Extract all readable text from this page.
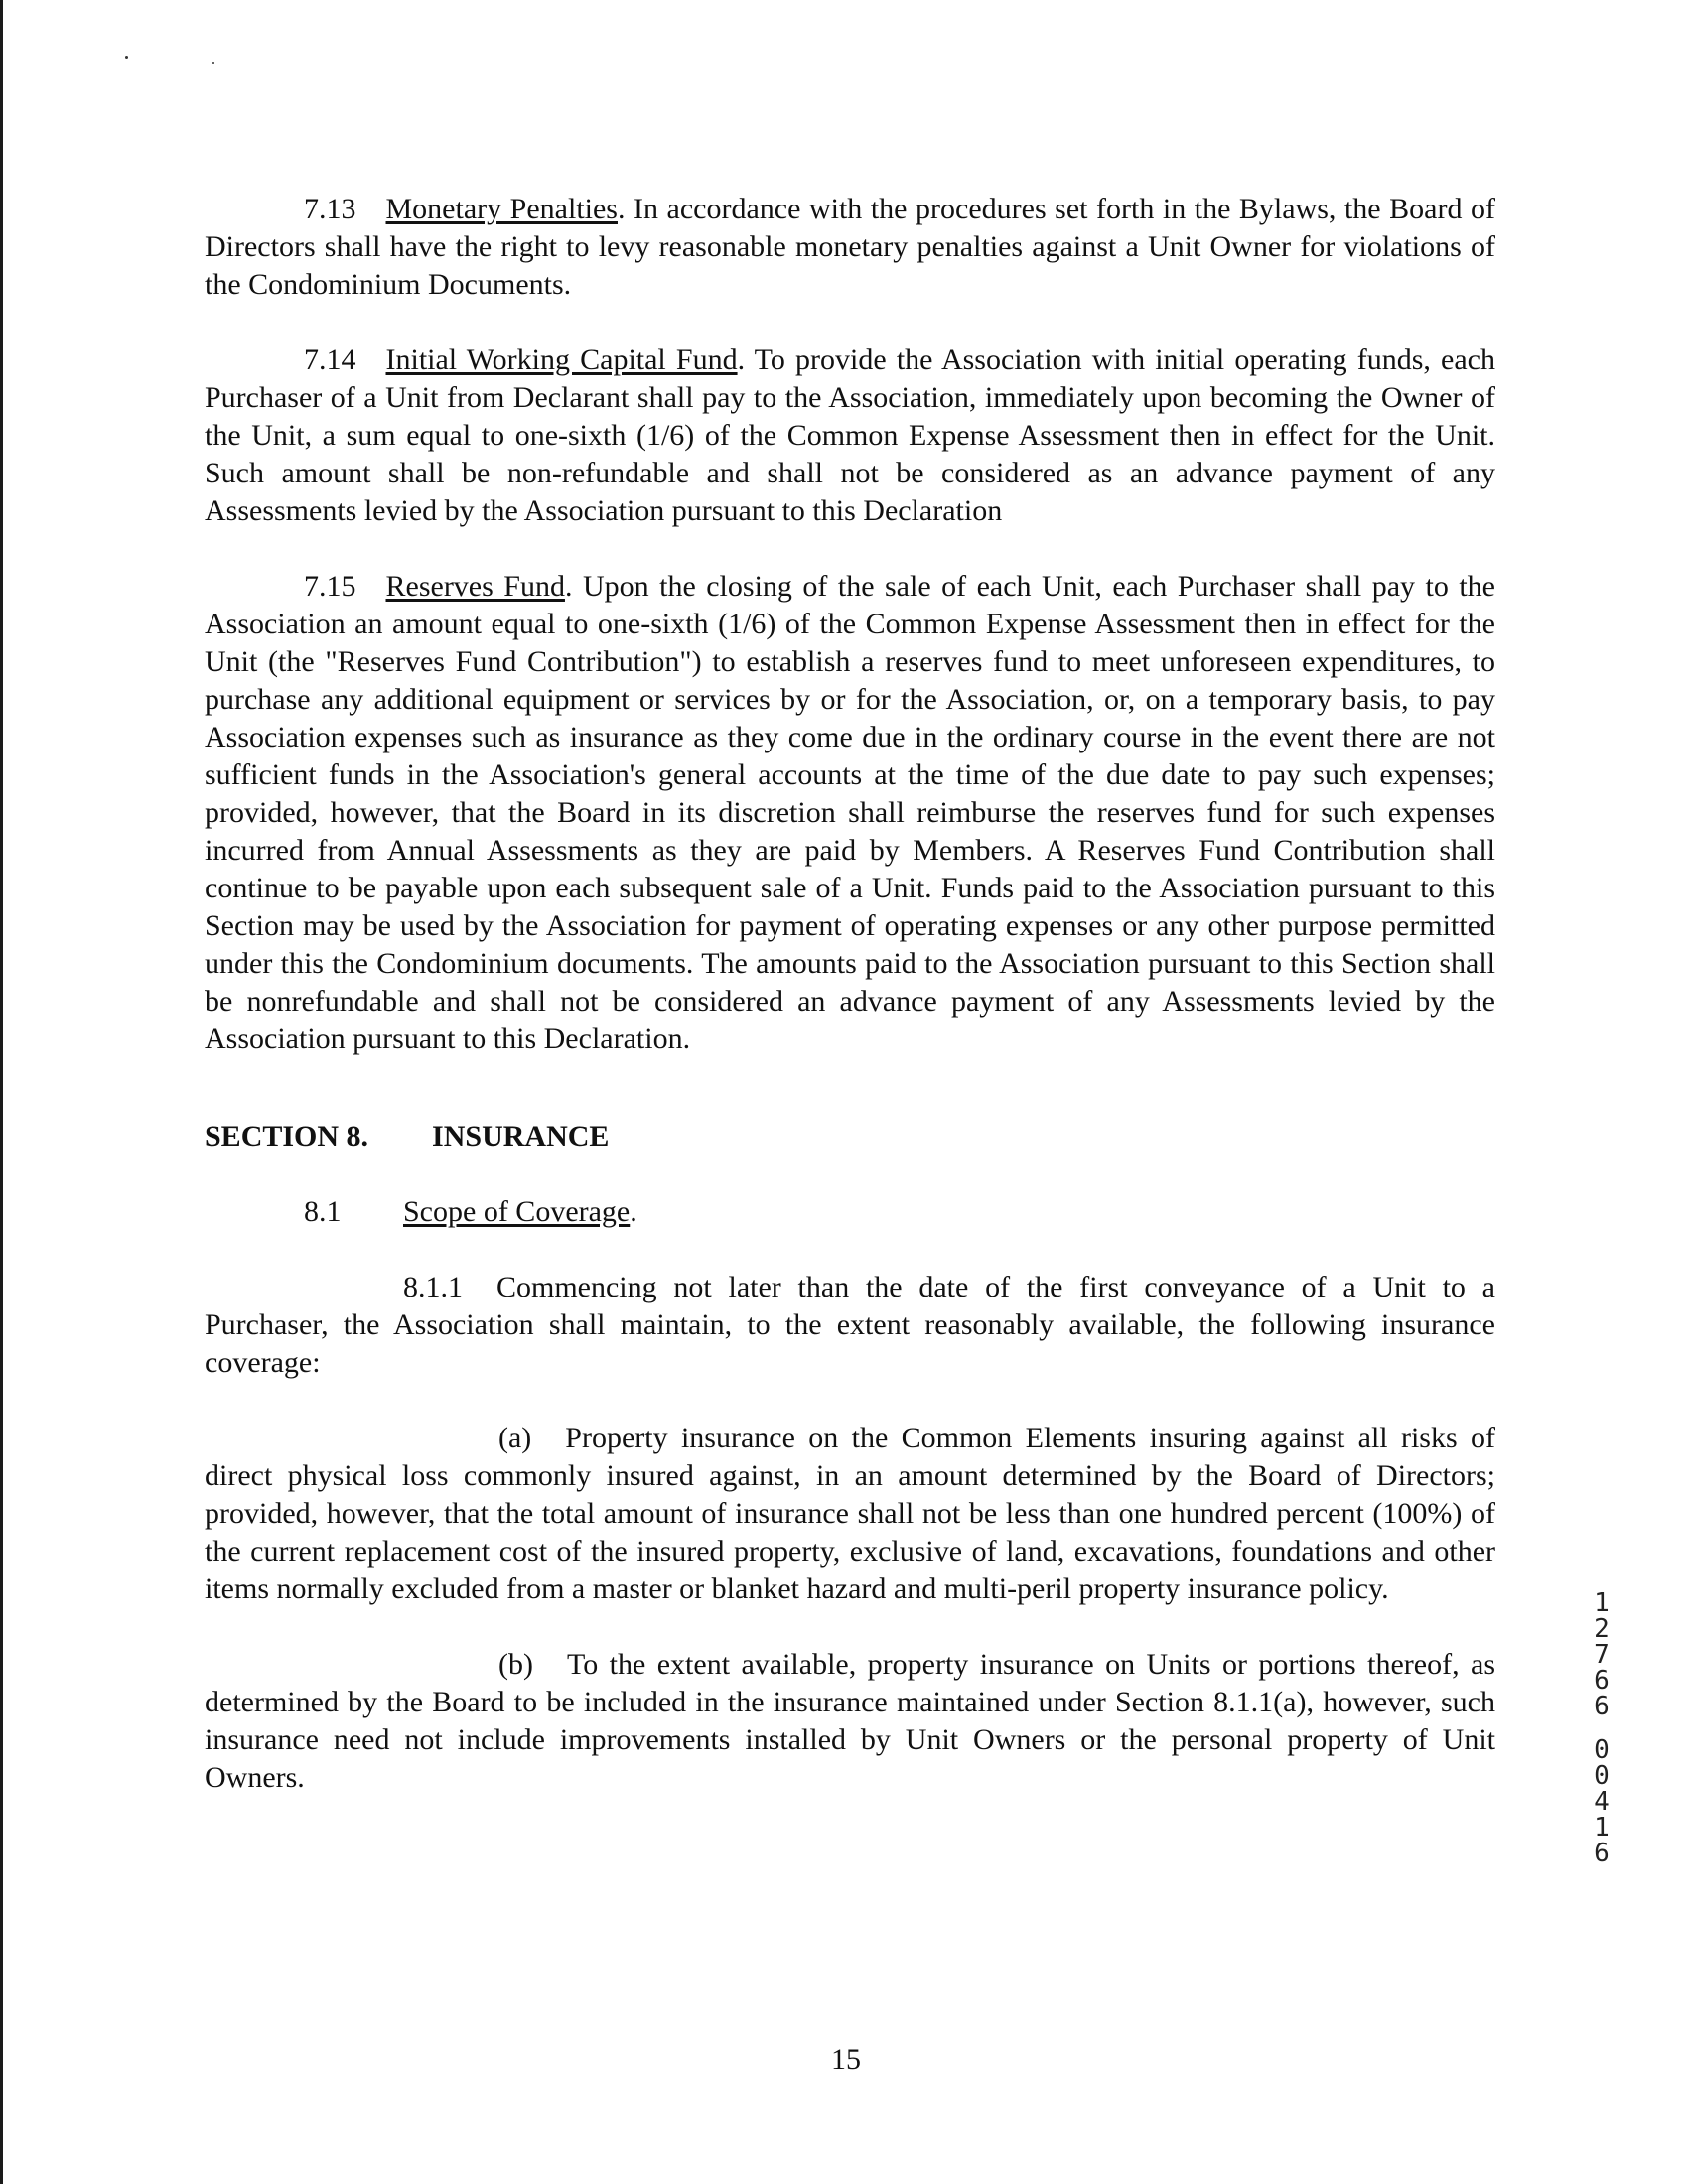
7.13 Monetary Penalties. In accordance with the procedures set forth in the Bylaws, the Board of Directors shall have the right to levy reasonable monetary penalties against a Unit Owner for violations of the Condominium Documents.

7.14 Initial Working Capital Fund. To provide the Association with initial operating funds, each Purchaser of a Unit from Declarant shall pay to the Association, immediately upon becoming the Owner of the Unit, a sum equal to one-sixth (1/6) of the Common Expense Assessment then in effect for the Unit. Such amount shall be non-refundable and shall not be considered as an advance payment of any Assessments levied by the Association pursuant to this Declaration

7.15 Reserves Fund. Upon the closing of the sale of each Unit, each Purchaser shall pay to the Association an amount equal to one-sixth (1/6) of the Common Expense Assessment then in effect for the Unit (the "Reserves Fund Contribution") to establish a reserves fund to meet unforeseen expenditures, to purchase any additional equipment or services by or for the Association, or, on a temporary basis, to pay Association expenses such as insurance as they come due in the ordinary course in the event there are not sufficient funds in the Association's general accounts at the time of the due date to pay such expenses; provided, however, that the Board in its discretion shall reimburse the reserves fund for such expenses incurred from Annual Assessments as they are paid by Members. A Reserves Fund Contribution shall continue to be payable upon each subsequent sale of a Unit. Funds paid to the Association pursuant to this Section may be used by the Association for payment of operating expenses or any other purpose permitted under this the Condominium documents. The amounts paid to the Association pursuant to this Section shall be nonrefundable and shall not be considered an advance payment of any Assessments levied by the Association pursuant to this Declaration.

SECTION 8. INSURANCE
8.1 Scope of Coverage.

8.1.1 Commencing not later than the date of the first conveyance of a Unit to a Purchaser, the Association shall maintain, to the extent reasonably available, the following insurance coverage:

(a) Property insurance on the Common Elements insuring against all risks of direct physical loss commonly insured against, in an amount determined by the Board of Directors; provided, however, that the total amount of insurance shall not be less than one hundred percent (100%) of the current replacement cost of the insured property, exclusive of land, excavations, foundations and other items normally excluded from a master or blanket hazard and multi-peril property insurance policy.

(b) To the extent available, property insurance on Units or portions thereof, as determined by the Board to be included in the insurance maintained under Section 8.1.1(a), however, such insurance need not include improvements installed by Unit Owners or the personal property of Unit Owners.

1
2
7
6
6
0
0
4
1
6
15
